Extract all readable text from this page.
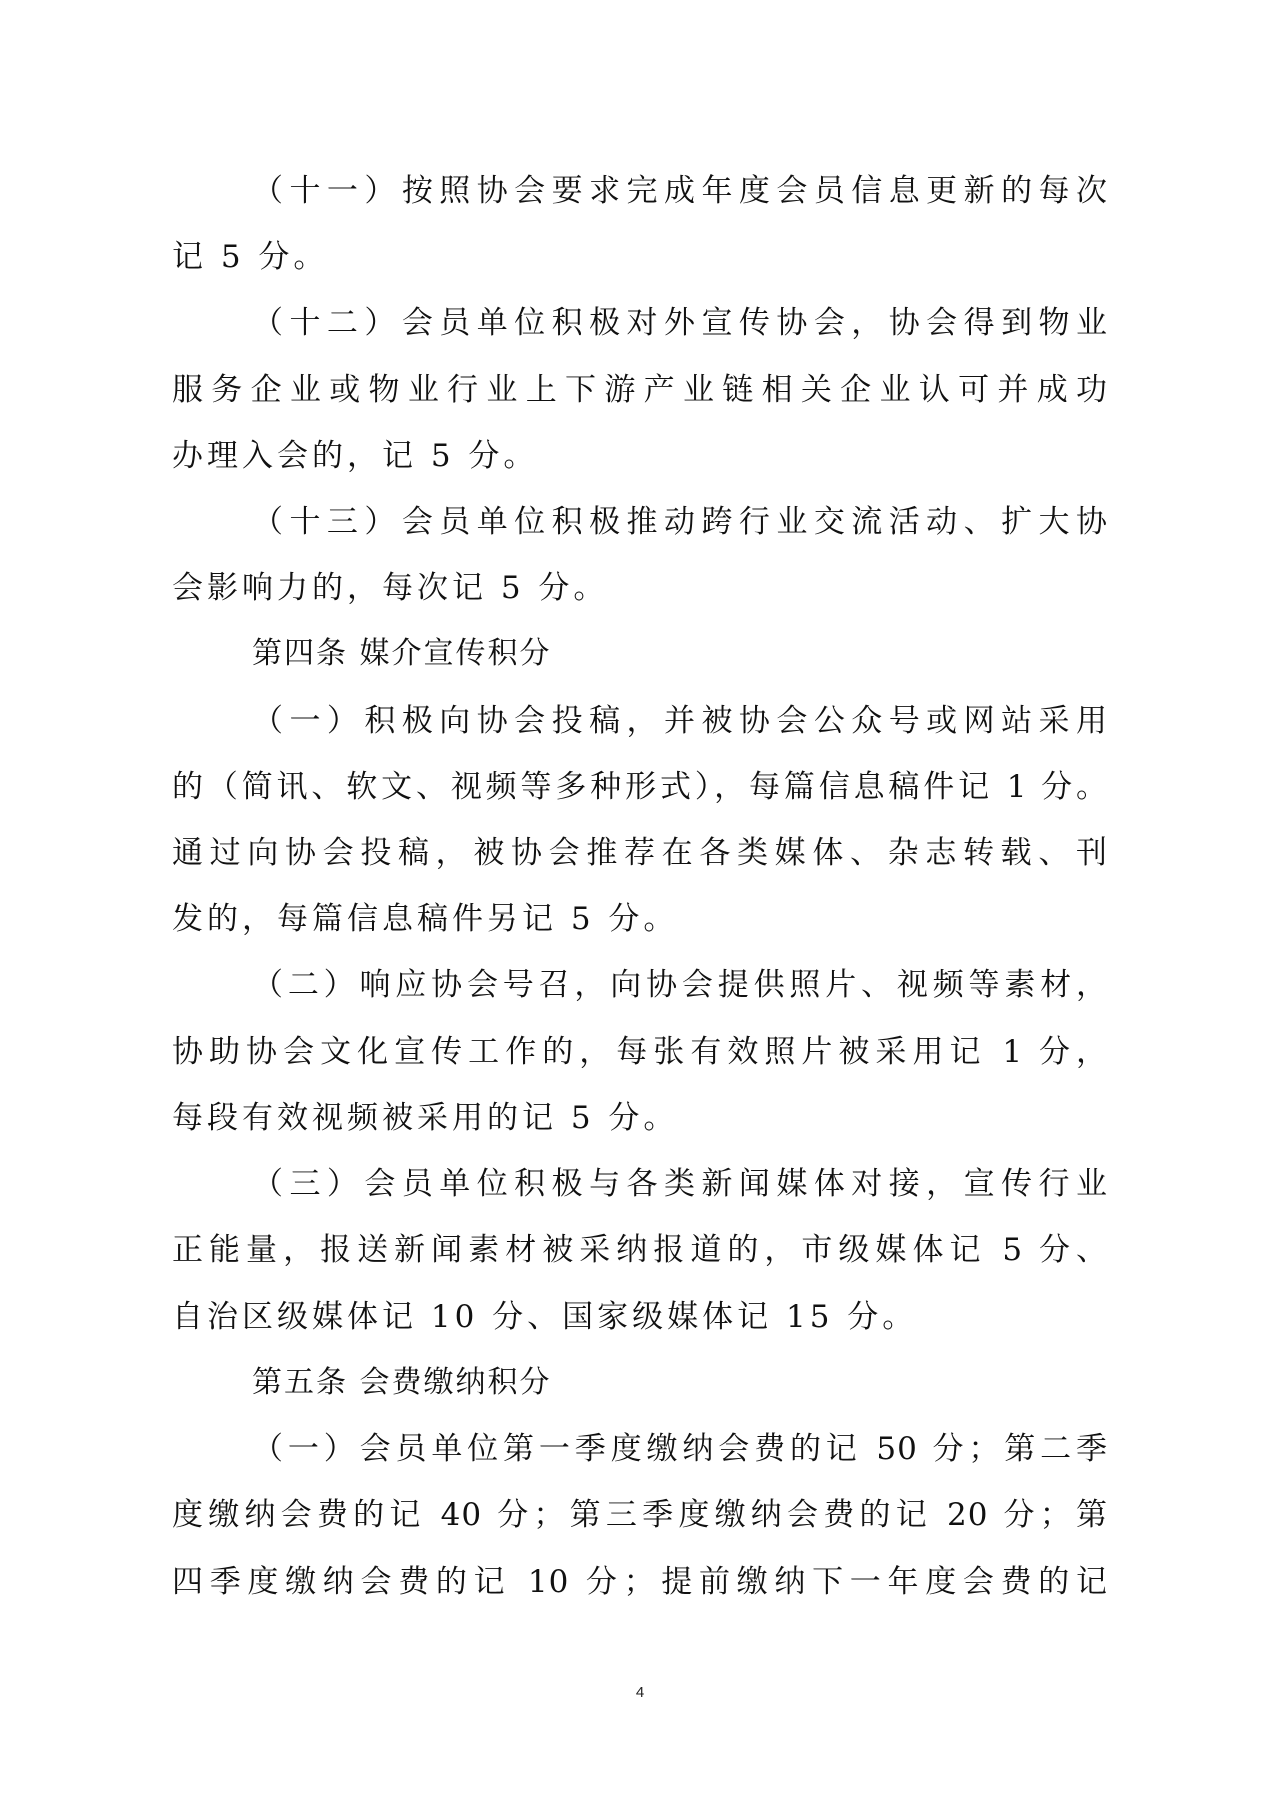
（十一）按照协会要求完成年度会员信息更新的每次
记 5 分。
（十二）会员单位积极对外宣传协会，协会得到物业
服务企业或物业行业上下游产业链相关企业认可并成功
办理入会的，记 5 分。
（十三）会员单位积极推动跨行业交流活动、扩大协
会影响力的，每次记 5 分。
第四条 媒介宣传积分
（一）积极向协会投稿，并被协会公众号或网站采用
的（简讯、软文、视频等多种形式），每篇信息稿件记 1 分。
通过向协会投稿，被协会推荐在各类媒体、杂志转载、刊
发的，每篇信息稿件另记 5 分。
（二）响应协会号召，向协会提供照片、视频等素材，
协助协会文化宣传工作的，每张有效照片被采用记 1 分，
每段有效视频被采用的记 5 分。
（三）会员单位积极与各类新闻媒体对接，宣传行业
正能量，报送新闻素材被采纳报道的，市级媒体记 5 分、
自治区级媒体记 10 分、国家级媒体记 15 分。
第五条 会费缴纳积分
（一）会员单位第一季度缴纳会费的记 50 分；第二季
度缴纳会费的记 40 分；第三季度缴纳会费的记 20 分；第
四季度缴纳会费的记 10 分；提前缴纳下一年度会费的记
4
